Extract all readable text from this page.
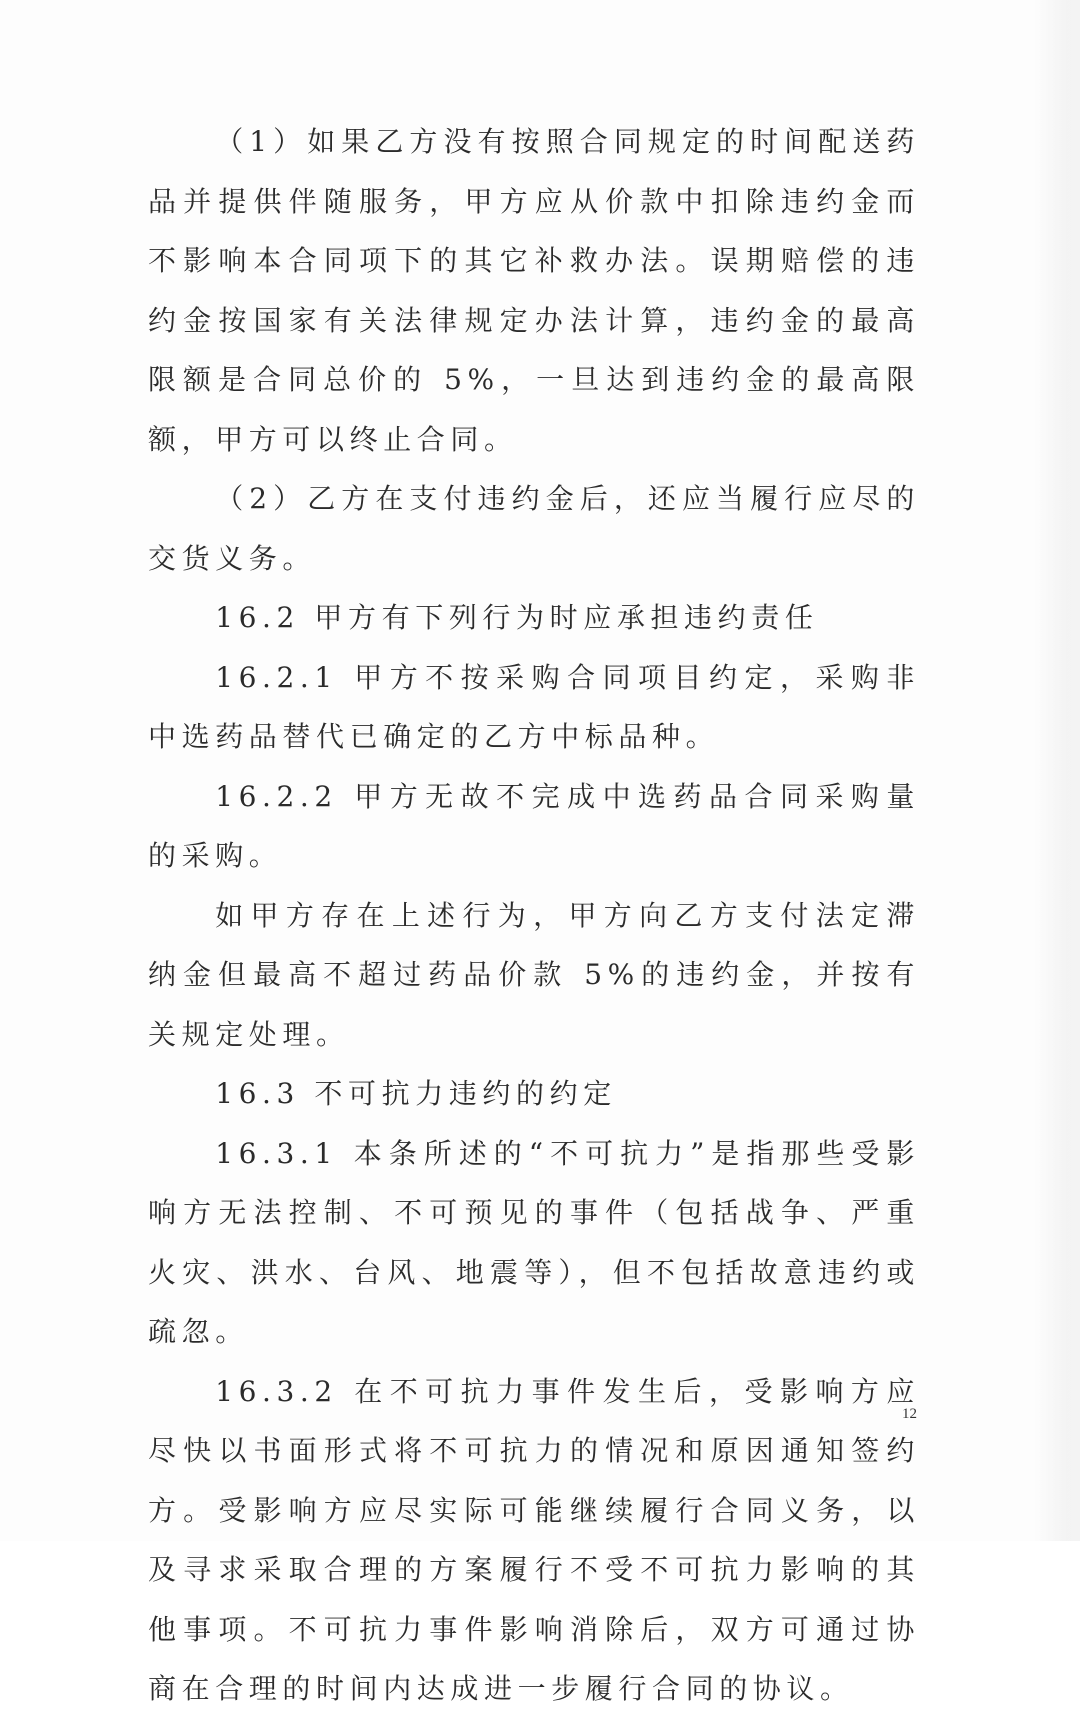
（1）如果乙方没有按照合同规定的时间配送药品并提供伴随服务，甲方应从价款中扣除违约金而不影响本合同项下的其它补救办法。误期赔偿的违约金按国家有关法律规定办法计算，违约金的最高限额是合同总价的 5%，一旦达到违约金的最高限额，甲方可以终止合同。

（2）乙方在支付违约金后，还应当履行应尽的交货义务。

16.2 甲方有下列行为时应承担违约责任

16.2.1 甲方不按采购合同项目约定，采购非中选药品替代已确定的乙方中标品种。

16.2.2 甲方无故不完成中选药品合同采购量的采购。

如甲方存在上述行为，甲方向乙方支付法定滞纳金但最高不超过药品价款 5%的违约金，并按有关规定处理。

16.3 不可抗力违约的约定

16.3.1 本条所述的“不可抗力”是指那些受影响方无法控制、不可预见的事件（包括战争、严重火灾、洪水、台风、地震等），但不包括故意违约或疏忽。

16.3.2 在不可抗力事件发生后，受影响方应尽快以书面形式将不可抗力的情况和原因通知签约方。受影响方应尽实际可能继续履行合同义务，以及寻求采取合理的方案履行不受不可抗力影响的其他事项。不可抗力事件影响消除后，双方可通过协商在合理的时间内达成进一步履行合同的协议。

12
